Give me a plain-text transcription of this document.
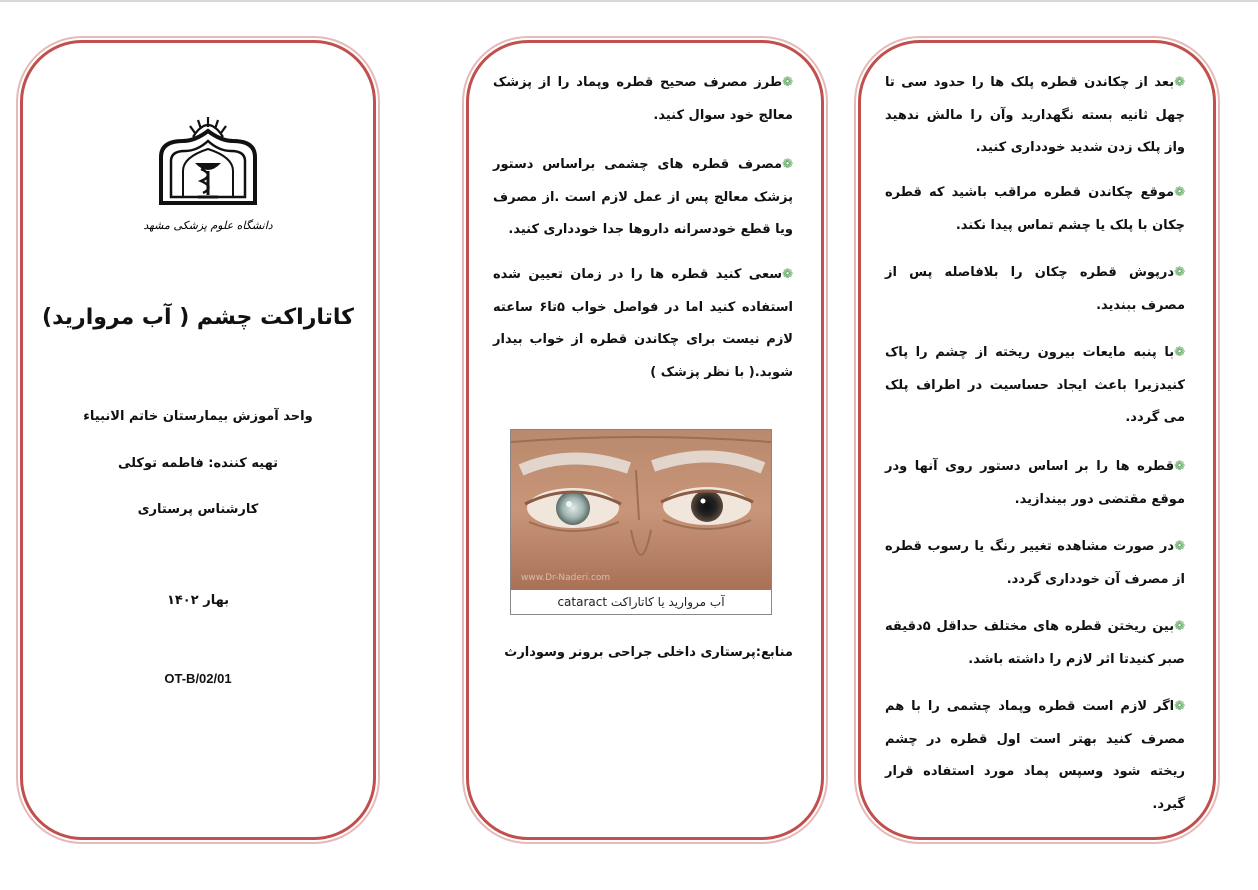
دانشگاه علوم پزشکی مشهد
کاتاراکت چشم ( آب مروارید)
واحد آموزش بیمارستان خاتم الانبیاء
تهیه کننده: فاطمه توکلی
کارشناس پرستاری
بهار ۱۴۰۲
OT-B/02/01
❁طرز مصرف صحیح قطره وپماد را از پزشک معالج خود سوال کنید.
❁مصرف قطره های چشمی براساس دستور پزشک معالج پس از عمل لازم است .از مصرف ویا قطع خودسرانه داروها جدا خودداری کنید.
❁سعی کنید قطره ها را در زمان تعیین شده استفاده کنید اما در فواصل خواب ۵تا۶ ساعته لازم نیست برای چکاندن قطره از خواب بیدار شوبد.( با نظر پزشک )
www.Dr-Naderi.com
آب مروارید یا کاتاراکت cataract
منابع:پرستاری داخلی جراحی برونر وسودارث
❁بعد از چکاندن قطره پلک ها را حدود سی تا چهل ثانیه بسته نگهدارید وآن را مالش ندهید واز پلک زدن شدید خودداری کنید.
❁موقع چکاندن قطره مراقب باشید که قطره چکان با پلک یا چشم تماس پیدا نکند.
❁درپوش قطره چکان را بلافاصله پس از مصرف ببندید.
❁با پنبه مایعات بیرون ریخته از چشم را پاک کنیدزیرا باعث ایجاد حساسیت در اطراف پلک می گردد.
❁قطره ها را بر اساس دستور روی آنها ودر موقع مقتضی دور بیندازید.
❁در صورت مشاهده تغییر رنگ یا رسوب قطره از مصرف آن خودداری گردد.
❁بین ریختن قطره های مختلف حداقل ۵دقیقه صبر کنیدتا اثر لازم را داشته باشد.
❁اگر لازم است قطره وپماد چشمی را با هم مصرف کنید بهتر است اول قطره در چشم ریخته شود وسپس پماد مورد استفاده قرار گیرد.
